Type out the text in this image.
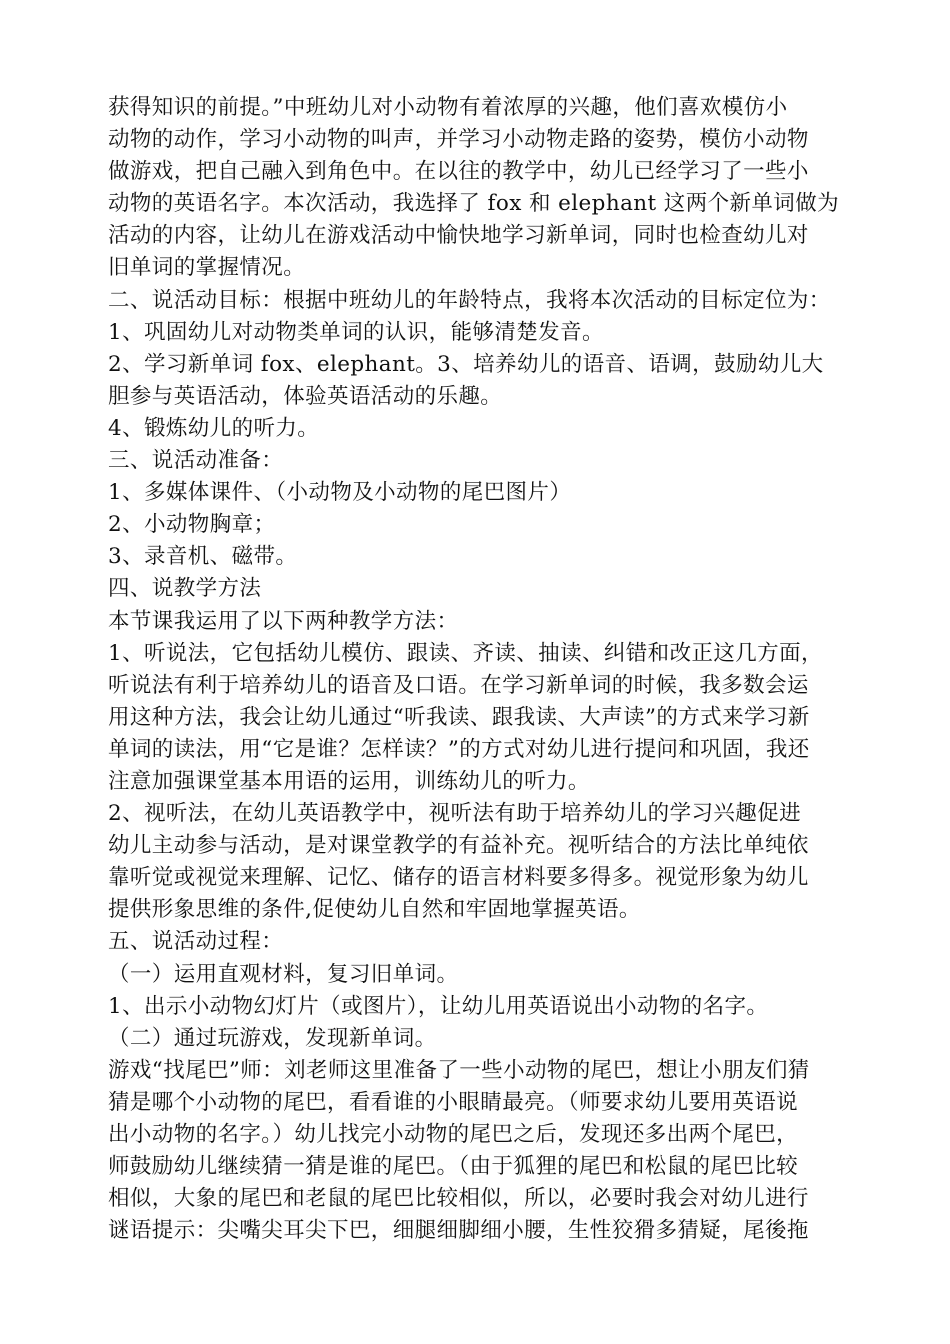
获得知识的前提。”中班幼儿对小动物有着浓厚的兴趣，他们喜欢模仿小
动物的动作，学习小动物的叫声，并学习小动物走路的姿势，模仿小动物
做游戏，把自己融入到角色中。在以往的教学中，幼儿已经学习了一些小
动物的英语名字。本次活动，我选择了 fox 和 elephant 这两个新单词做为
活动的内容，让幼儿在游戏活动中愉快地学习新单词，同时也检查幼儿对
旧单词的掌握情况。
二、说活动目标：根据中班幼儿的年龄特点，我将本次活动的目标定位为：
1、巩固幼儿对动物类单词的认识，能够清楚发音。
2、学习新单词 fox、elephant。3、培养幼儿的语音、语调，鼓励幼儿大
胆参与英语活动，体验英语活动的乐趣。
4、锻炼幼儿的听力。
三、说活动准备：
1、多媒体课件、（小动物及小动物的尾巴图片）
2、小动物胸章；
3、录音机、磁带。
四、说教学方法
本节课我运用了以下两种教学方法：
1、听说法，它包括幼儿模仿、跟读、齐读、抽读、纠错和改正这几方面，
听说法有利于培养幼儿的语音及口语。在学习新单词的时候，我多数会运
用这种方法，我会让幼儿通过“听我读、跟我读、大声读”的方式来学习新
单词的读法，用“它是谁？怎样读？”的方式对幼儿进行提问和巩固，我还
注意加强课堂基本用语的运用，训练幼儿的听力。
2、视听法，在幼儿英语教学中，视听法有助于培养幼儿的学习兴趣促进
幼儿主动参与活动，是对课堂教学的有益补充。视听结合的方法比单纯依
靠听觉或视觉来理解、记忆、储存的语言材料要多得多。视觉形象为幼儿
提供形象思维的条件,促使幼儿自然和牢固地掌握英语。
五、说活动过程：
（一）运用直观材料，复习旧单词。
1、出示小动物幻灯片（或图片），让幼儿用英语说出小动物的名字。
（二）通过玩游戏，发现新单词。
游戏“找尾巴”师：刘老师这里准备了一些小动物的尾巴，想让小朋友们猜
猜是哪个小动物的尾巴，看看谁的小眼睛最亮。（师要求幼儿要用英语说
出小动物的名字。）幼儿找完小动物的尾巴之后，发现还多出两个尾巴，
师鼓励幼儿继续猜一猜是谁的尾巴。（由于狐狸的尾巴和松鼠的尾巴比较
相似，大象的尾巴和老鼠的尾巴比较相似，所以，必要时我会对幼儿进行
谜语提示：尖嘴尖耳尖下巴，细腿细脚细小腰，生性狡猾多猜疑，尾後拖
